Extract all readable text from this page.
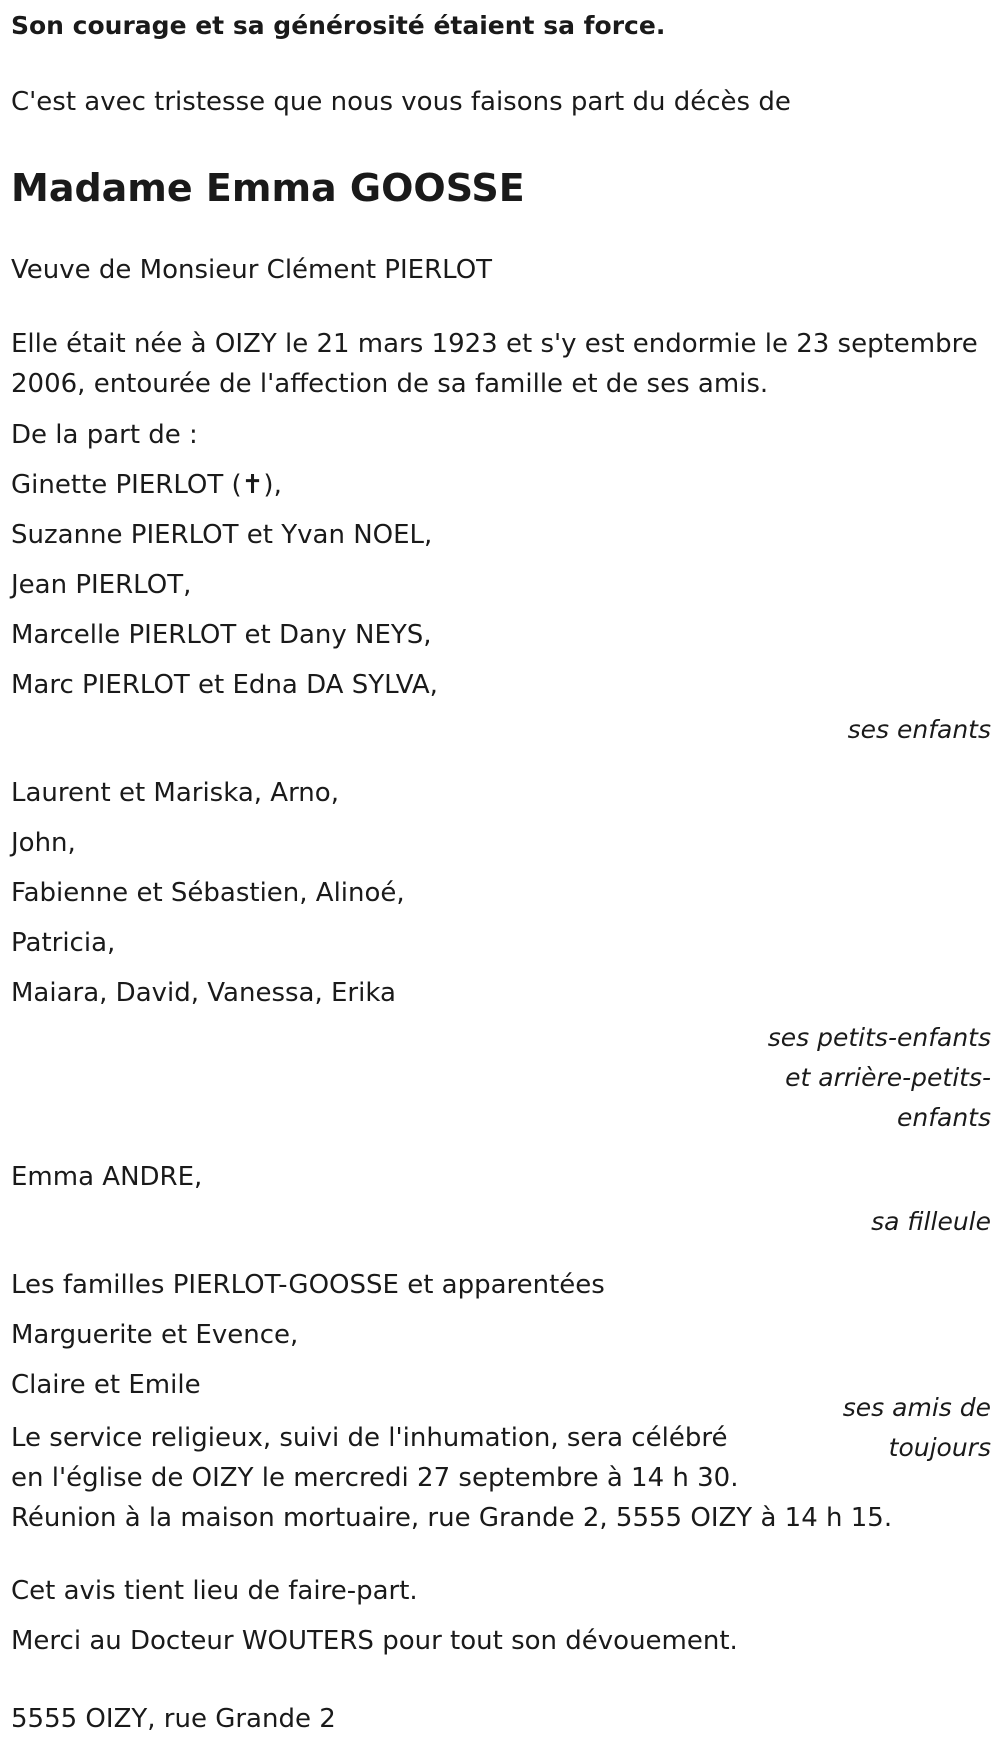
Son courage et sa générosité étaient sa force.

C'est avec tristesse que nous vous faisons part du décès de

Madame Emma GOOSSE

Veuve de Monsieur Clément PIERLOT

Elle était née à OIZY le 21 mars 1923 et s'y est endormie le 23 septembre

2006, entourée de l'affection de sa famille et de ses amis.

De la part de :

Ginette PIERLOT (✝),

Suzanne PIERLOT et Yvan NOEL,

Jean PIERLOT,

Marcelle PIERLOT et Dany NEYS,

Marc PIERLOT et Edna DA SYLVA,

ses enfants

Laurent et Mariska, Arno,

John,

Fabienne et Sébastien, Alinoé,

Patricia,

Maiara, David, Vanessa, Erika

ses petits-enfants

et arrière-petits-

enfants

Emma ANDRE,

sa filleule

Les familles PIERLOT-GOOSSE et apparentées

Marguerite et Evence,

Claire et Emile

ses amis de

toujours

Le service religieux, suivi de l'inhumation, sera célébré

en l'église de OIZY le mercredi 27 septembre à 14 h 30.

Réunion à la maison mortuaire, rue Grande 2, 5555 OIZY à 14 h 15.

Cet avis tient lieu de faire-part.

Merci au Docteur WOUTERS pour tout son dévouement.

5555 OIZY, rue Grande 2
